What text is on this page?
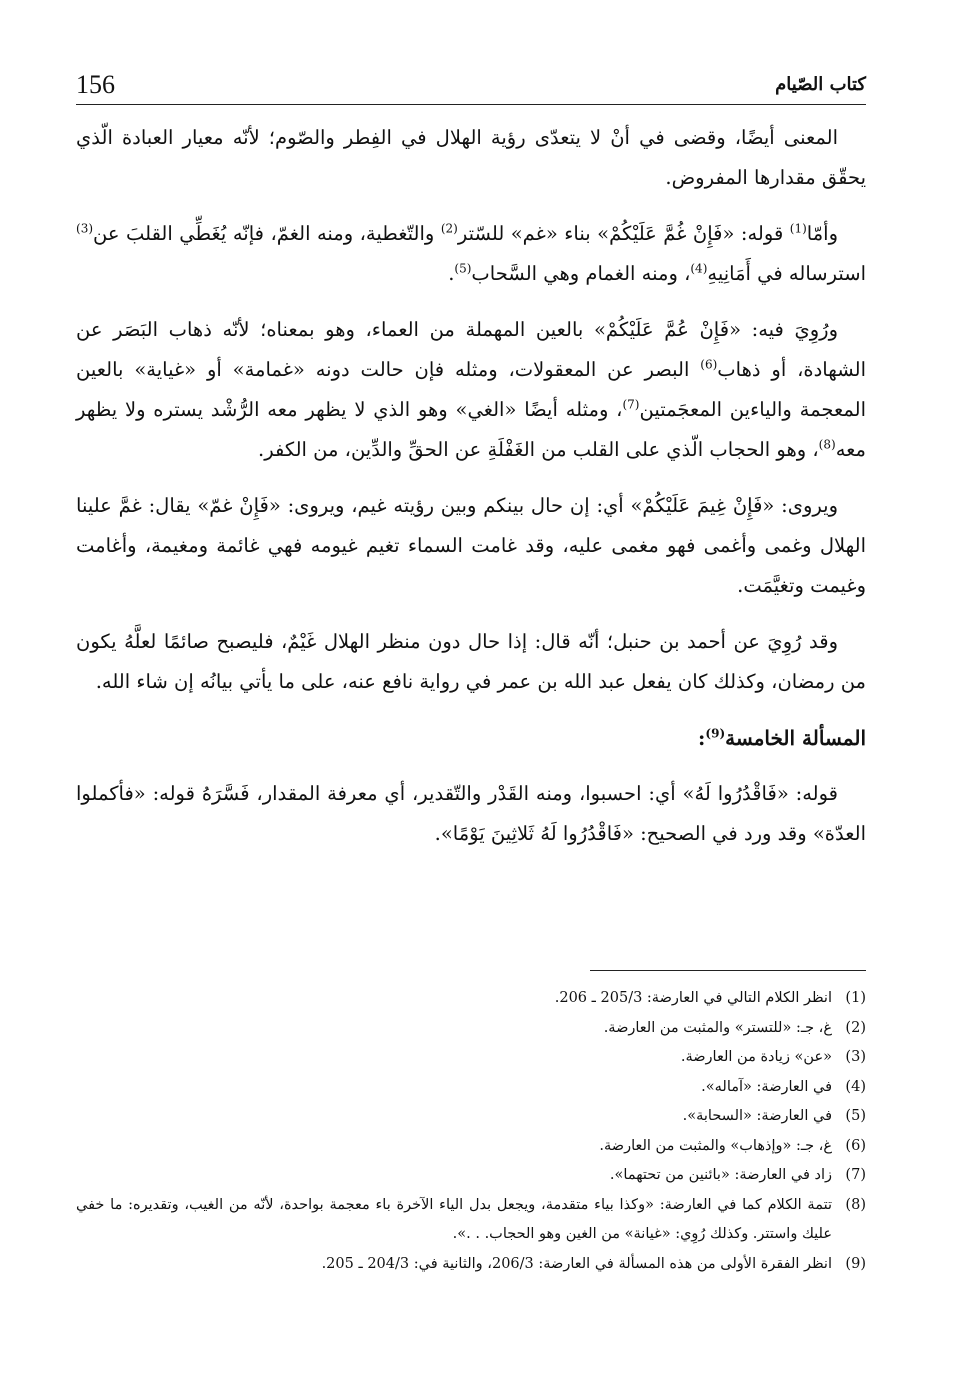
156	كتاب الصّيام

المعنى أيضًا، وقضى في أنْ لا يتعدّى رؤية الهلال في الفِطر والصّوم؛ لأنّه معيار العبادة الّذي يحقّق مقدارها المفروض.

وأمّا$^{(1)}$ قوله: «فَإِنْ غُمَّ عَلَيْكُمْ» بناء «غم» للسّتر$^{(2)}$ والتّغطية، ومنه الغمّ، فإنّه يُغَطِّي القلبَ عن$^{(3)}$ استرساله في أَمَانِيهِ$^{(4)}$، ومنه الغمام وهي السَّحاب$^{(5)}$.

ورُوِيَ فيه: «فَإِنْ عُمَّ عَلَيْكُمْ» بالعين المهملة من العماء، وهو بمعناه؛ لأنّه ذهاب البَصَر عن الشهادة، أو ذهاب$^{(6)}$ البصر عن المعقولات، ومثله فإن حالت دونه «غمامة» أو «غياية» بالعين المعجمة والياءين المعجَمتين$^{(7)}$، ومثله أيضًا «الغي» وهو الذي لا يظهر معه الرُّشْد يستره ولا يظهر معه$^{(8)}$، وهو الحجاب الّذي على القلب من الغَفْلَةِ عن الحقِّ والدِّين، من الكفر.

ويروى: «فَإِنْ غِيمَ عَلَيْكُمْ» أي: إن حال بينكم وبين رؤيته غيم، ويروى: «فَإِنْ غمّ» يقال: غمَّ علينا الهلال وغمى وأغمى فهو مغمى عليه، وقد غامت السماء تغيم غيومه فهي غائمة ومغيمة، وأغامت وغيمت وتغيَّمَت.

وقد رُوِيَ عن أحمد بن حنبل؛ أنّه قال: إذا حال دون منظر الهلال غَيْمٌ، فليصبح صائمًا لعلَّهُ يكون من رمضان، وكذلك كان يفعل عبد الله بن عمر في رواية نافع عنه، على ما يأتي بيانُه إن شاء الله.

المسألة الخامسة$^{(9)}$:

قوله: «فَاقْدُرُوا لَهُ» أي: احسبوا، ومنه القَدْر والتّقدير، أي معرفة المقدار، فَسَّرَهُ قوله: «فأكملوا العدّة» وقد ورد في الصحيح: «فَاقْدُرُوا لَهُ ثَلاثِينَ يَوْمًا».

(1)
انظر الكلام التالي في العارضة: 205/3 ـ 206.
(2)
غ، جـ: «للتستر» والمثبت من العارضة.
(3)
«عن» زيادة من العارضة.
(4)
في العارضة: «آماله».
(5)
في العارضة: «السحابة».
(6)
غ، جـ: «وإذهاب» والمثبت من العارضة.
(7)
زاد في العارضة: «بائنين من تحتهما».
(8)
تتمة الكلام كما في العارضة: «وكذا بياء متقدمة، ويجعل بدل الياء الآخرة باء معجمة بواحدة، لأنّه من الغيب، وتقديره: ما خفي عليك واستتر. وكذلك رُوِي: «غيانة» من الغين وهو الحجاب. . .».
(9)
انظر الفقرة الأولى من هذه المسألة في العارضة: 206/3، والثانية في: 204/3 ـ 205.
